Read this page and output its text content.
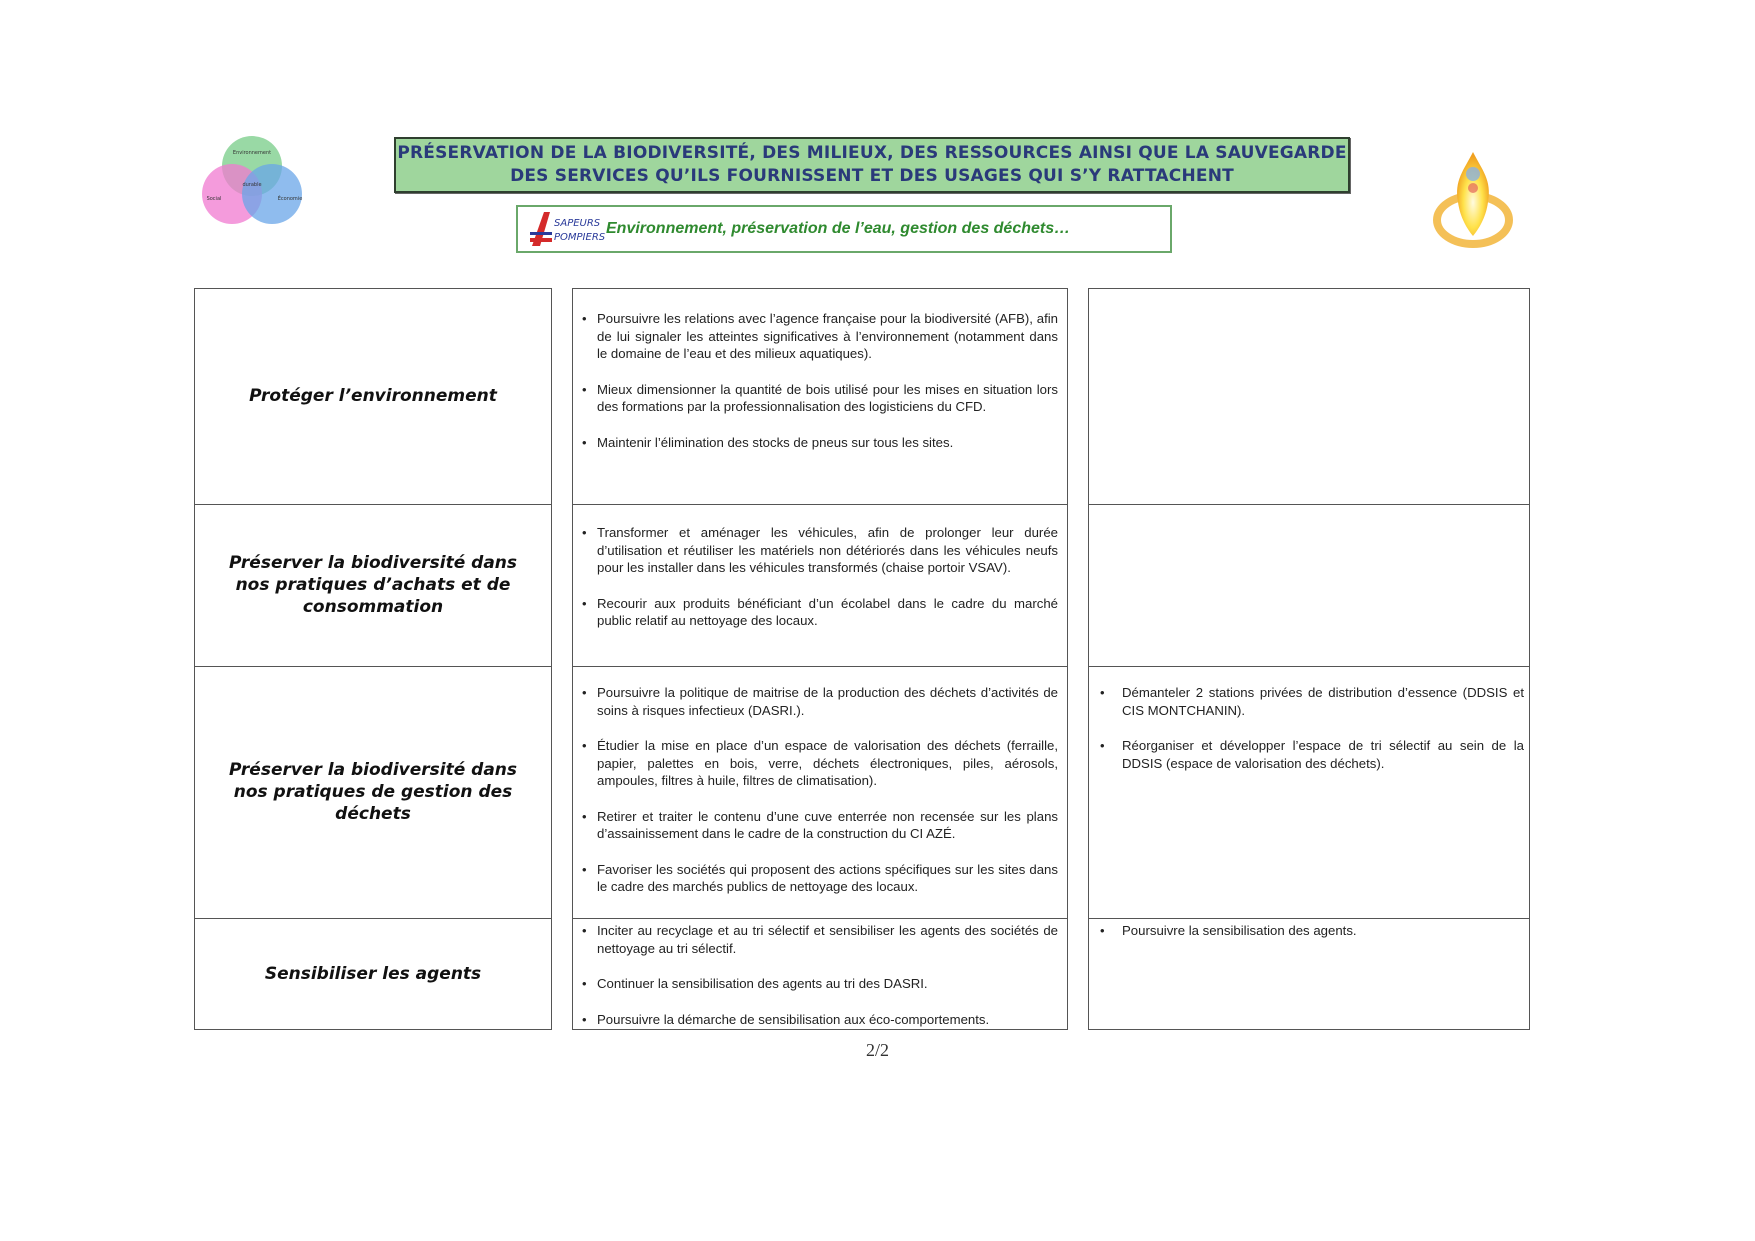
Environnement
Social	Économie
durable
PRÉSERVATION DE LA BIODIVERSITÉ, DES MILIEUX, DES RESSOURCES AINSI QUE LA SAUVEGARDE
DES SERVICES QU’ILS FOURNISSENT ET DES USAGES QUI S’Y RATTACHENT
SAPEURS
POMPIERS
Environnement, préservation de l’eau, gestion des déchets…
Protéger l’environnement
• Poursuivre les relations avec l’agence française pour la biodiversité (AFB), afin de lui signaler les atteintes significatives à l’environnement (notamment dans le domaine de l’eau et des milieux aquatiques).
• Mieux dimensionner la quantité de bois utilisé pour les mises en situation lors des formations par la professionnalisation des logisticiens du CFD.
• Maintenir l’élimination des stocks de pneus sur tous les sites.
Préserver la biodiversité dans nos pratiques d’achats et de consommation
• Transformer et aménager les véhicules, afin de prolonger leur durée d’utilisation et réutiliser les matériels non détériorés dans les véhicules neufs pour les installer dans les véhicules transformés (chaise portoir VSAV).
• Recourir aux produits bénéficiant d’un écolabel dans le cadre du marché public relatif au nettoyage des locaux.
Préserver la biodiversité dans nos pratiques de gestion des déchets
• Poursuivre la politique de maitrise de la production des déchets d’activités de soins à risques infectieux (DASRI.).
• Étudier la mise en place d’un espace de valorisation des déchets (ferraille, papier, palettes en bois, verre, déchets électroniques, piles, aérosols, ampoules, filtres à huile, filtres de climatisation).
• Retirer et traiter le contenu d’une cuve enterrée non recensée sur les plans d’assainissement dans le cadre de la construction du CI AZÉ.
• Favoriser les sociétés qui proposent des actions spécifiques sur les sites dans le cadre des marchés publics de nettoyage des locaux.
• Démanteler 2 stations privées de distribution d’essence (DDSIS et CIS MONTCHANIN).
• Réorganiser et développer l’espace de tri sélectif au sein de la DDSIS (espace de valorisation des déchets).
Sensibiliser les agents
• Inciter au recyclage et au tri sélectif et sensibiliser les agents des sociétés de nettoyage au tri sélectif.
• Continuer la sensibilisation des agents au tri des DASRI.
• Poursuivre la démarche de sensibilisation aux éco-comportements.
• Poursuivre la sensibilisation des agents.
2/2
